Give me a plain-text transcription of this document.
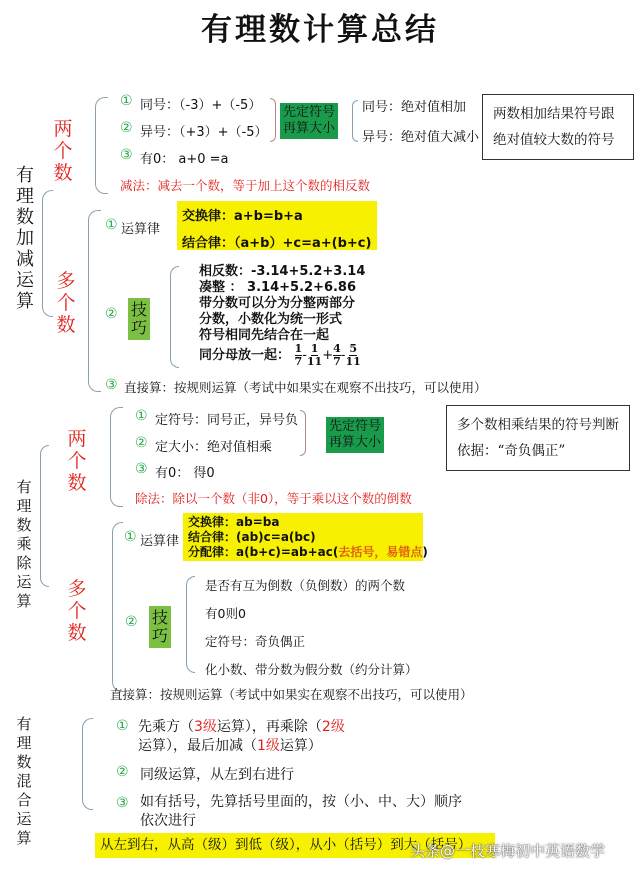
有理数计算总结
有理数加减运算
两个数
① 同号：（-3）+（-5）
② 异号：（+3）+（-5）
③ 有0： a+0 =a
减法：减去一个数，等于加上这个数的相反数
先定符号再算大小
同号：绝对值相加
异号：绝对值大减小
两数相加结果符号跟绝对值较大数的符号
多个数
① 运算律
交换律：a+b=b+a
结合律：（a+b）+c=a+(b+c)
② 技巧
相反数：-3.14+5.2+3.14
凑整 ： 3.14+5.2+6.86
带分数可以分为分整两部分
分数，小数化为统一形式
符号相同先结合在一起
同分母放一起： $\frac{1}{7} - \frac{1}{11} + \frac{4}{7} - \frac{5}{11}$
③ 直接算：按规则运算（考试中如果实在观察不出技巧，可以使用）
有理数乘除运算
两个数
① 定符号：同号正，异号负
② 定大小：绝对值相乘
③ 有0： 得0
除法：除以一个数（非0），等于乘以这个数的倒数
先定符号再算大小
多个数相乘结果的符号判断依据：“奇负偶正”
多个数
① 运算律
交换律：ab=ba
结合律：(ab)c=a(bc)
分配律：a(b+c)=ab+ac(去括号，易错点)
② 技巧
是否有互为倒数（负倒数）的两个数
有0则0
定符号：奇负偶正
化小数、带分数为假分数（约分计算）
直接算：按规则运算（考试中如果实在观察不出技巧，可以使用）
有理数混合运算
① 先乘方（3级运算），再乘除（2级
运算），最后加减（1级运算）
② 同级运算，从左到右进行
③ 如有括号，先算括号里面的，按（小、中、大）顺序
依次进行
从左到右，从高（级）到低（级），从小（括号）到大（括号）
头条@一枝寒梅初中英语数学
